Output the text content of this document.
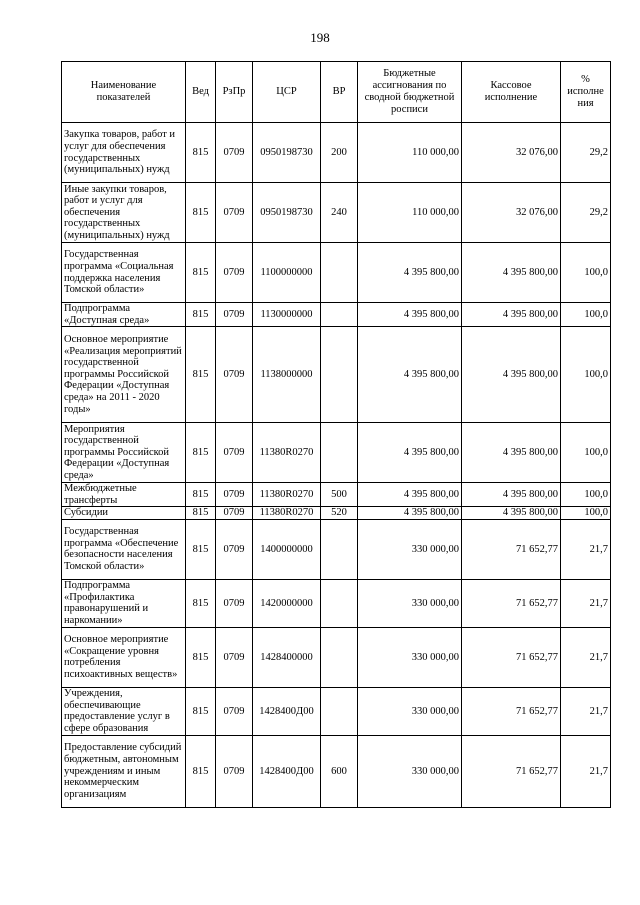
198
Наименование показателей	Вед	РзПр	ЦСР	ВР	Бюджетные ассигнования по сводной бюджетной росписи	Кассовое исполнение	% исполне ния
Закупка товаров, работ и услуг для обеспечения государственных (муниципальных) нужд	815	0709	0950198730	200	110 000,00	32 076,00	29,2
Иные закупки товаров, работ и услуг для обеспечения государственных (муниципальных) нужд	815	0709	0950198730	240	110 000,00	32 076,00	29,2
Государственная программа «Социальная поддержка населения Томской области»	815	0709	1100000000		4 395 800,00	4 395 800,00	100,0
Подпрограмма «Доступная среда»	815	0709	1130000000		4 395 800,00	4 395 800,00	100,0
Основное мероприятие «Реализация мероприятий государственной программы Российской Федерации «Доступная среда» на 2011 - 2020 годы»	815	0709	1138000000		4 395 800,00	4 395 800,00	100,0
Мероприятия государственной программы Российской Федерации «Доступная среда»	815	0709	11380R0270		4 395 800,00	4 395 800,00	100,0
Межбюджетные трансферты	815	0709	11380R0270	500	4 395 800,00	4 395 800,00	100,0
Субсидии	815	0709	11380R0270	520	4 395 800,00	4 395 800,00	100,0
Государственная программа «Обеспечение безопасности населения Томской области»	815	0709	1400000000		330 000,00	71 652,77	21,7
Подпрограмма «Профилактика правонарушений и наркомании»	815	0709	1420000000		330 000,00	71 652,77	21,7
Основное мероприятие «Сокращение уровня потребления психоактивных веществ»	815	0709	1428400000		330 000,00	71 652,77	21,7
Учреждения, обеспечивающие предоставление услуг в сфере образования	815	0709	1428400Д00		330 000,00	71 652,77	21,7
Предоставление субсидий бюджетным, автономным учреждениям и иным некоммерческим организациям	815	0709	1428400Д00	600	330 000,00	71 652,77	21,7
